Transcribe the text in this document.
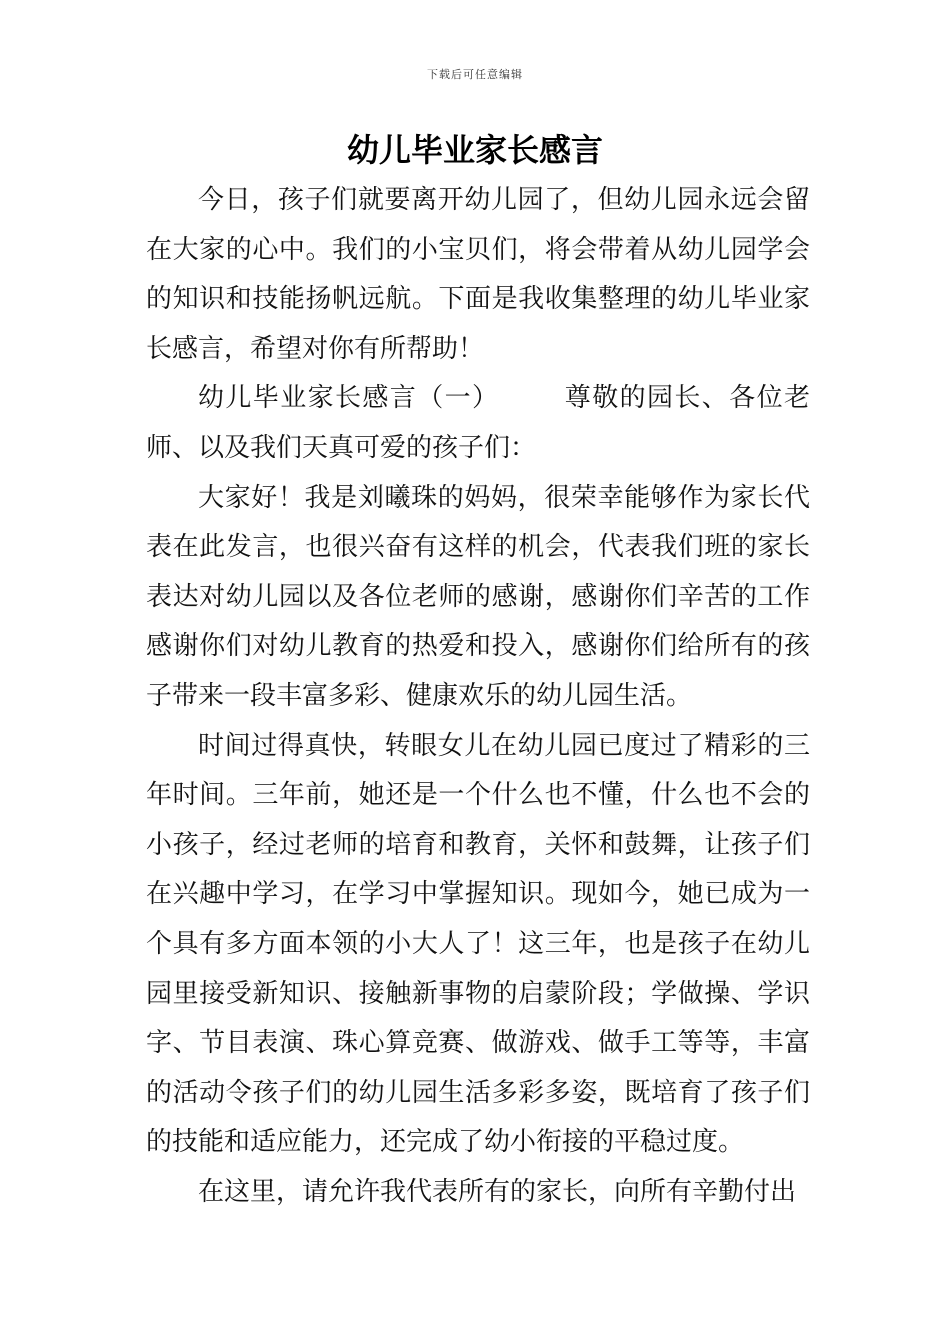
下载后可任意编辑
幼儿毕业家长感言

今日，孩子们就要离开幼儿园了，但幼儿园永远会留在大家的心中。我们的小宝贝们，将会带着从幼儿园学会的知识和技能扬帆远航。下面是我收集整理的幼儿毕业家长感言，希望对你有所帮助！

幼儿毕业家长感言（一） 尊敬的园长、各位老师、以及我们天真可爱的孩子们：

大家好！我是刘曦珠的妈妈，很荣幸能够作为家长代表在此发言，也很兴奋有这样的机会，代表我们班的家长表达对幼儿园以及各位老师的感谢，感谢你们辛苦的工作感谢你们对幼儿教育的热爱和投入，感谢你们给所有的孩子带来一段丰富多彩、健康欢乐的幼儿园生活。

时间过得真快，转眼女儿在幼儿园已度过了精彩的三年时间。三年前，她还是一个什么也不懂，什么也不会的小孩子，经过老师的培育和教育，关怀和鼓舞，让孩子们在兴趣中学习，在学习中掌握知识。现如今，她已成为一个具有多方面本领的小大人了！这三年，也是孩子在幼儿园里接受新知识、接触新事物的启蒙阶段；学做操、学识字、节目表演、珠心算竞赛、做游戏、做手工等等，丰富的活动令孩子们的幼儿园生活多彩多姿，既培育了孩子们的技能和适应能力，还完成了幼小衔接的平稳过度。

在这里，请允许我代表所有的家长，向所有辛勤付出
